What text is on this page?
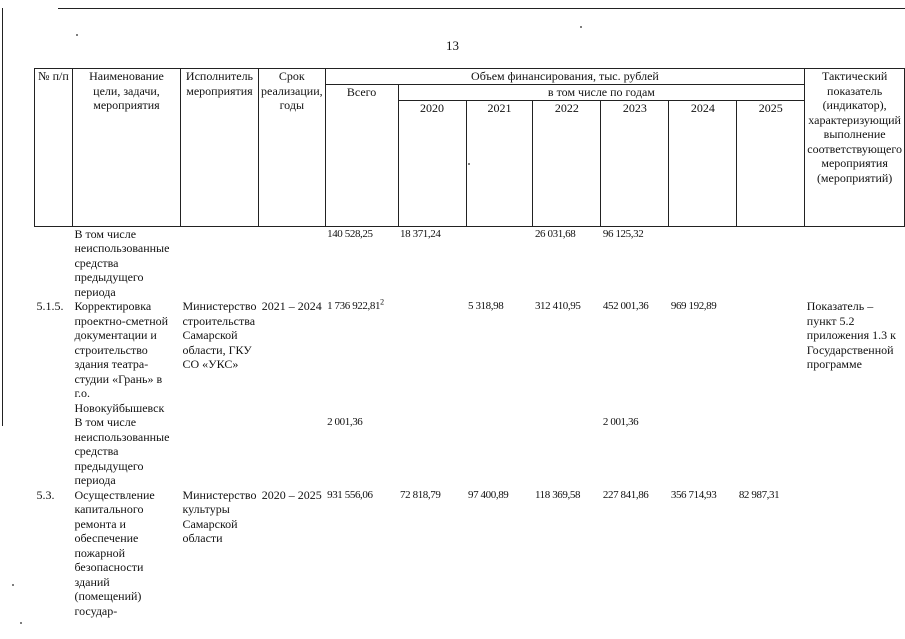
13
№ п/п	Наименование цели, задачи, мероприятия	Исполнитель мероприятия	Срок реализации, годы	Объем финансирования, тыс. рублей							Тактический показатель (индикатор), характеризующий выполнение соответствующего мероприятия (мероприятий)
				Всего	в том числе по годам						
					2020	2021	2022	2023	2024	2025	
	В том числе неиспользованные средства предыдущего периода			140 528,25	18 371,24		26 031,68	96 125,32			
5.1.5.	Корректировка проектно-сметной документации и строительство здания театра-студии «Грань» в г.о. Новокуйбышевск	Министерство строительства Самарской области, ГКУ СО «УКС»	2021 – 2024	1 736 922,81$^2$		5 318,98	312 410,95	452 001,36	969 192,89		Показатель – пункт 5.2 приложения 1.3 к Государственной программе
	В том числе неиспользованные средства предыдущего периода			2 001,36				2 001,36			
5.3.	Осуществление капитального ремонта и обеспечение пожарной безопасности зданий (помещений) государ-	Министерство культуры Самарской области	2020 – 2025	931 556,06	72 818,79	97 400,89	118 369,58	227 841,86	356 714,93	82 987,31	
